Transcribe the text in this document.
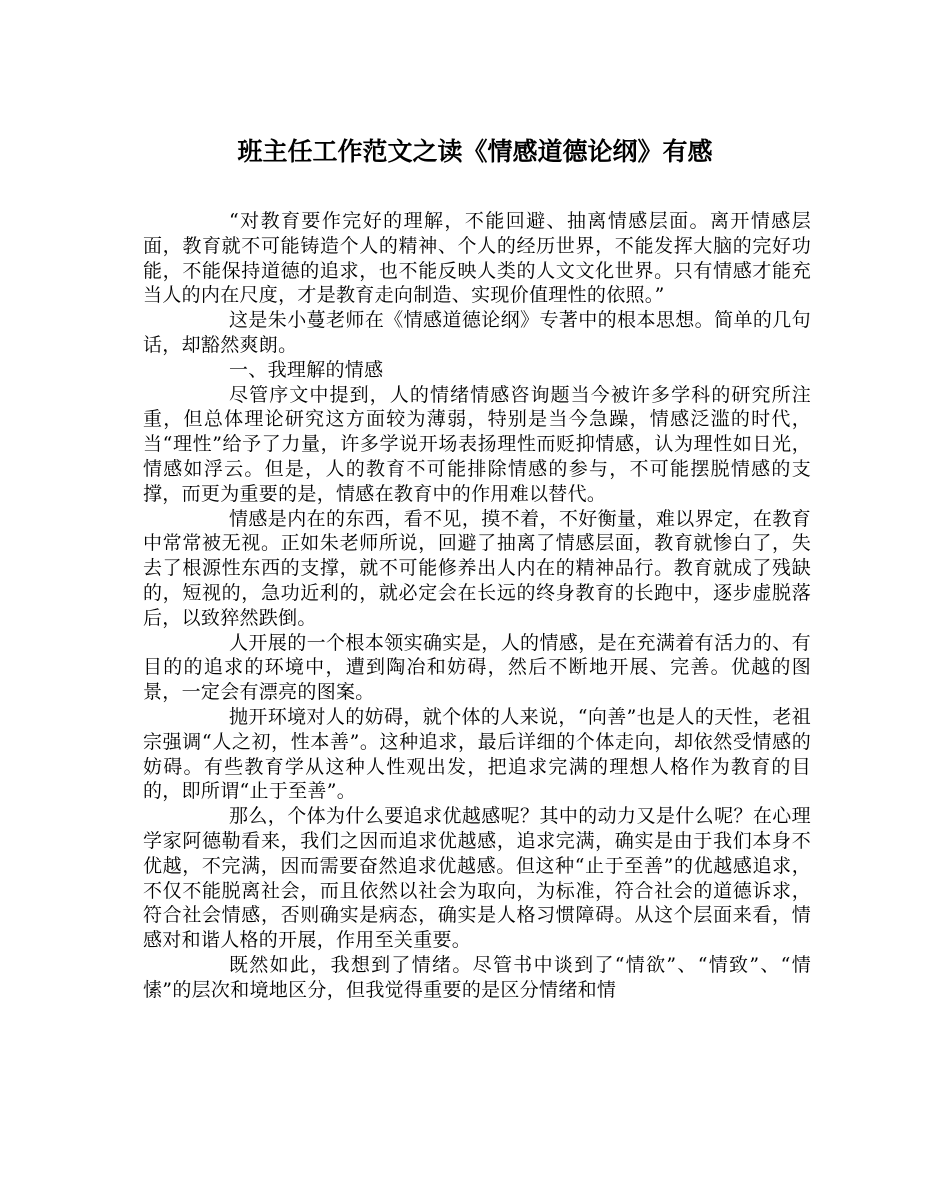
班主任工作范文之读《情感道德论纲》有感

“对教育要作完好的理解，不能回避、抽离情感层面。离开情感层面，教育就不可能铸造个人的精神、个人的经历世界，不能发挥大脑的完好功能，不能保持道德的追求，也不能反映人类的人文文化世界。只有情感才能充当人的内在尺度，才是教育走向制造、实现价值理性的依照。”

这是朱小蔓老师在《情感道德论纲》专著中的根本思想。简单的几句话，却豁然爽朗。

一、我理解的情感

尽管序文中提到，人的情绪情感咨询题当今被许多学科的研究所注重，但总体理论研究这方面较为薄弱，特别是当今急躁，情感泛滥的时代，当“理性”给予了力量，许多学说开场表扬理性而贬抑情感，认为理性如日光，情感如浮云。但是，人的教育不可能排除情感的参与，不可能摆脱情感的支撑，而更为重要的是，情感在教育中的作用难以替代。

情感是内在的东西，看不见，摸不着，不好衡量，难以界定，在教育中常常被无视。正如朱老师所说，回避了抽离了情感层面，教育就惨白了，失去了根源性东西的支撑，就不可能修养出人内在的精神品行。教育就成了残缺的，短视的，急功近利的，就必定会在长远的终身教育的长跑中，逐步虚脱落后，以致猝然跌倒。

人开展的一个根本领实确实是，人的情感，是在充满着有活力的、有目的的追求的环境中，遭到陶冶和妨碍，然后不断地开展、完善。优越的图景，一定会有漂亮的图案。

抛开环境对人的妨碍，就个体的人来说，“向善”也是人的天性，老祖宗强调“人之初，性本善”。这种追求，最后详细的个体走向，却依然受情感的妨碍。有些教育学从这种人性观出发，把追求完满的理想人格作为教育的目的，即所谓“止于至善”。

那么，个体为什么要追求优越感呢？其中的动力又是什么呢？在心理学家阿德勒看来，我们之因而追求优越感，追求完满，确实是由于我们本身不优越，不完满，因而需要奋然追求优越感。但这种“止于至善”的优越感追求，不仅不能脱离社会，而且依然以社会为取向，为标准，符合社会的道德诉求，符合社会情感，否则确实是病态，确实是人格习惯障碍。从这个层面来看，情感对和谐人格的开展，作用至关重要。

既然如此，我想到了情绪。尽管书中谈到了“情欲”、“情致”、“情愫”的层次和境地区分，但我觉得重要的是区分情绪和情
